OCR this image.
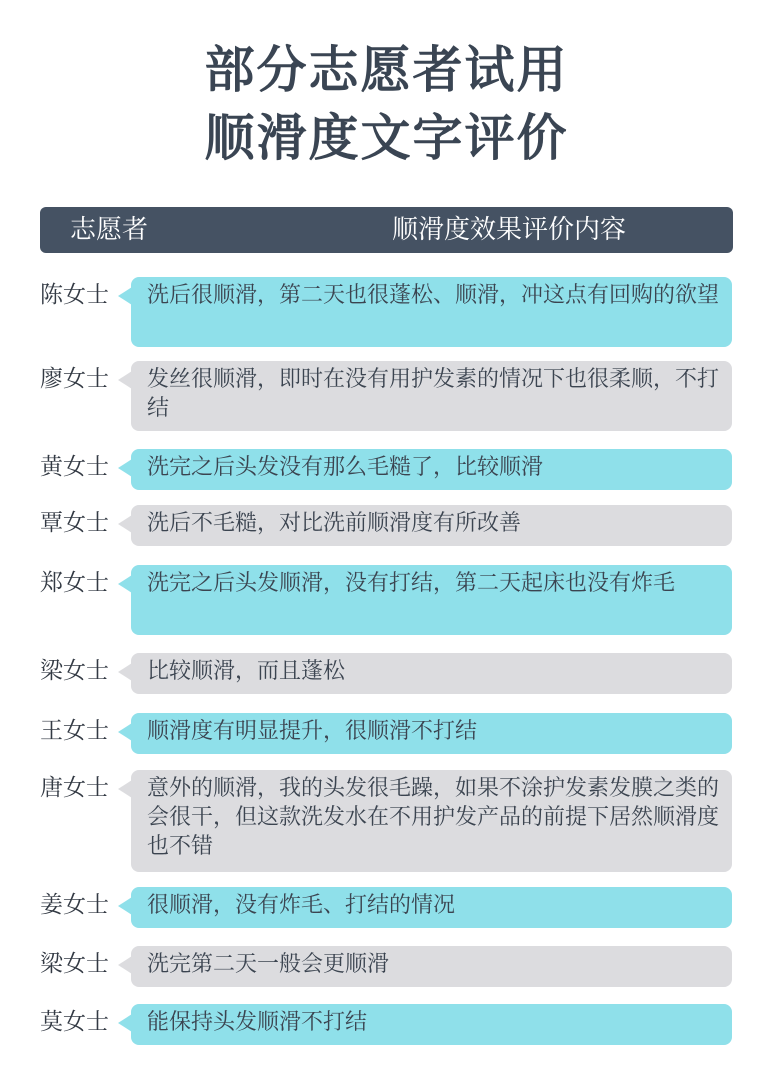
部分志愿者试用
顺滑度文字评价
志愿者	顺滑度效果评价内容
陈女士	洗后很顺滑，第二天也很蓬松、顺滑，冲这点有回购的欲望
廖女士	发丝很顺滑，即时在没有用护发素的情况下也很柔顺，不打结
黄女士	洗完之后头发没有那么毛糙了，比较顺滑
覃女士	洗后不毛糙，对比洗前顺滑度有所改善
郑女士	洗完之后头发顺滑，没有打结，第二天起床也没有炸毛
梁女士	比较顺滑，而且蓬松
王女士	顺滑度有明显提升，很顺滑不打结
唐女士	意外的顺滑，我的头发很毛躁，如果不涂护发素发膜之类的会很干，但这款洗发水在不用护发产品的前提下居然顺滑度也不错
姜女士	很顺滑，没有炸毛、打结的情况
梁女士	洗完第二天一般会更顺滑
莫女士	能保持头发顺滑不打结
